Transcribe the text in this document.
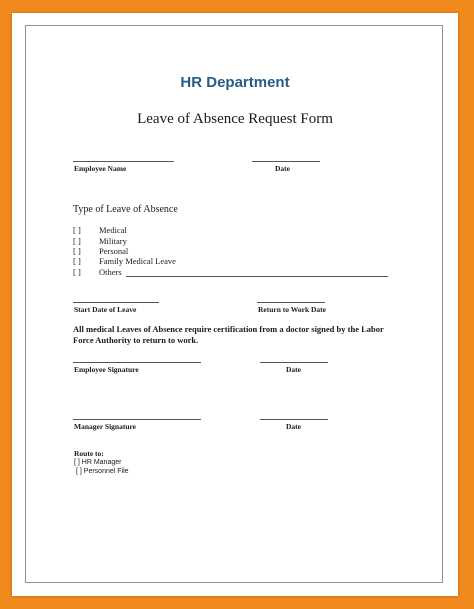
HR Department
Leave of Absence Request Form
Employee Name	Date
Type of Leave of Absence
[ ] Medical
[ ] Military
[ ] Personal
[ ] Family Medical Leave
[ ] Others
Start Date of Leave	Return to Work Date
All medical Leaves of Absence require certification from a doctor signed by the Labor
Force Authority to return to work.
Employee Signature	Date
Manager Signature	Date
Route to:
[ ] HR Manager
[ ] Personnel File
